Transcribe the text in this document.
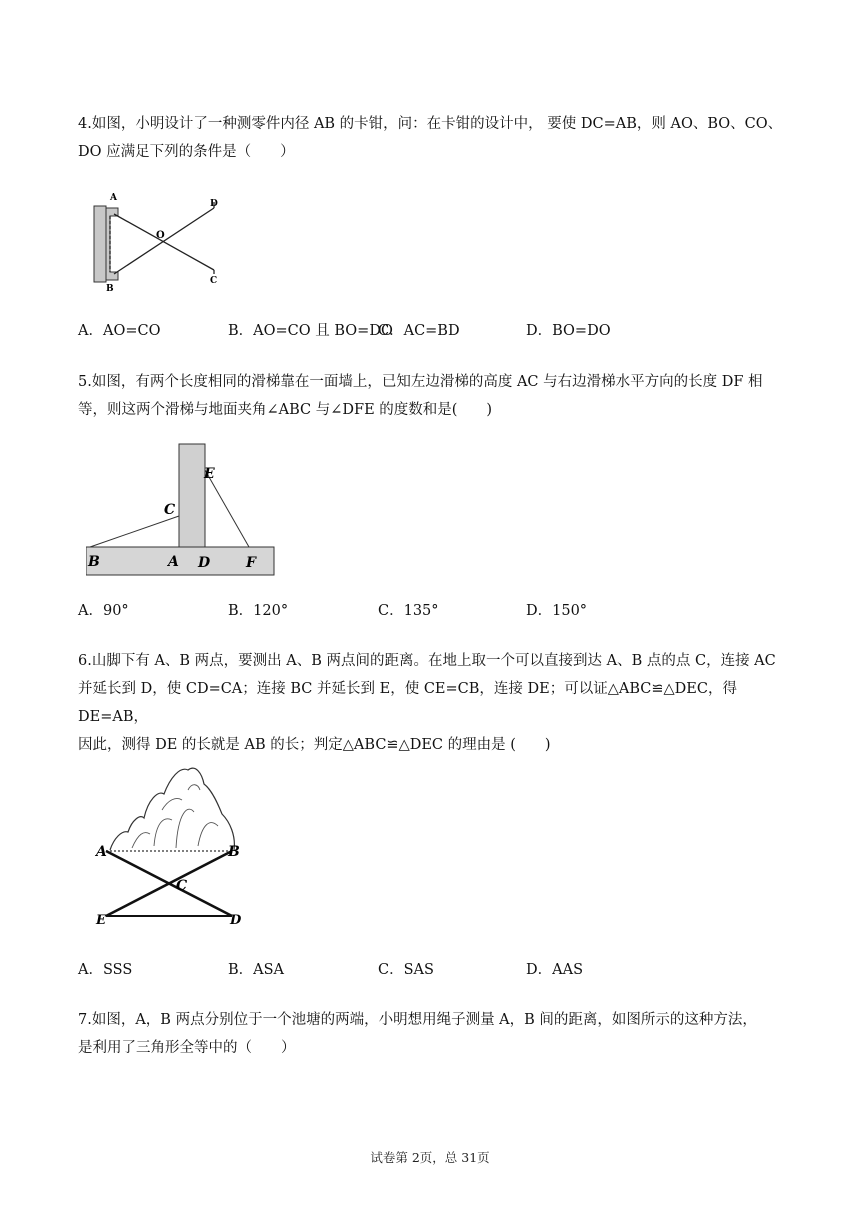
4.如图，小明设计了一种测零件内径 AB 的卡钳，问：在卡钳的设计中， 要使 DC=AB，则 AO、BO、CO、
DO 应满足下列的条件是（　　）
A
B
O
D
C
A．AO=CO	B．AO=CO 且 BO=DO
C．AC=BD	D．BO=DO
5.如图，有两个长度相同的滑梯靠在一面墙上，已知左边滑梯的高度 AC 与右边滑梯水平方向的长度 DF 相
等，则这两个滑梯与地面夹角∠ABC 与∠DFE 的度数和是(　　)
E
C
B	A D	F
A．90°	B．120°	C．135°	D．150°
6.山脚下有 A、B 两点，要测出 A、B 两点间的距离。在地上取一个可以直接到达 A、B 点的点 C，连接 AC
并延长到 D，使 CD=CA；连接 BC 并延长到 E，使 CE=CB，连接 DE；可以证△ABC≌△DEC，得 DE=AB，
因此，测得 DE 的长就是 AB 的长；判定△ABC≌△DEC 的理由是 (　　)
A	B
C
E	D
A．SSS	B．ASA	C．SAS	D．AAS
7.如图，A，B 两点分别位于一个池塘的两端，小明想用绳子测量 A，B 间的距离，如图所示的这种方法，
是利用了三角形全等中的（　　）
试卷第 2页，总 31页
